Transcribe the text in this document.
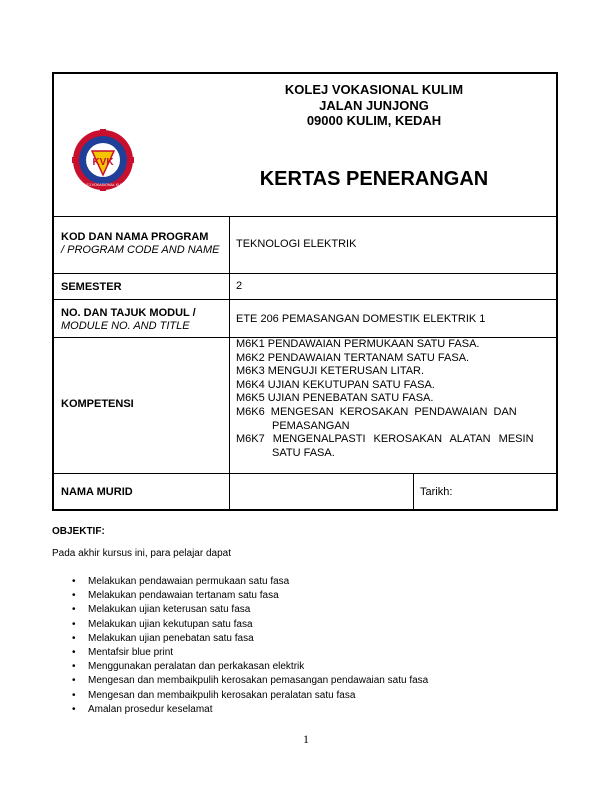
KVK
KOLEJ VOKASIONAL KULIM
KOLEJ VOKASIONAL KULIM
JALAN JUNJONG
09000 KULIM, KEDAH
KERTAS PENERANGAN
KOD DAN NAMA PROGRAM
/ PROGRAM CODE AND NAME TEKNOLOGI ELEKTRIK
SEMESTER	2
NO. DAN TAJUK MODUL /
MODULE NO. AND TITLE
ETE 206 PEMASANGAN DOMESTIK ELEKTRIK 1
KOMPETENSI
M6K1 PENDAWAIAN PERMUKAAN SATU FASA.
M6K2 PENDAWAIAN TERTANAM SATU FASA.
M6K3 MENGUJI KETERUSAN LITAR.
M6K4 UJIAN KEKUTUPAN SATU FASA.
M6K5 UJIAN PENEBATAN SATU FASA.
M6K6 MENGESAN KEROSAKAN PENDAWAIAN DAN
PEMASANGAN
M6K7 MENGENALPASTI KEROSAKAN ALATAN MESIN
SATU FASA.
NAMA MURID	Tarikh:
OBJEKTIF:
Pada akhir kursus ini, para pelajar dapat
• Melakukan pendawaian permukaan satu fasa
• Melakukan pendawaian tertanam satu fasa
• Melakukan ujian keterusan satu fasa
• Melakukan ujian kekutupan satu fasa
• Melakukan ujian penebatan satu fasa
• Mentafsir blue print
• Menggunakan peralatan dan perkakasan elektrik
• Mengesan dan membaikpulih kerosakan pemasangan pendawaian satu fasa
• Mengesan dan membaikpulih kerosakan peralatan satu fasa
• Amalan prosedur keselamat
1
